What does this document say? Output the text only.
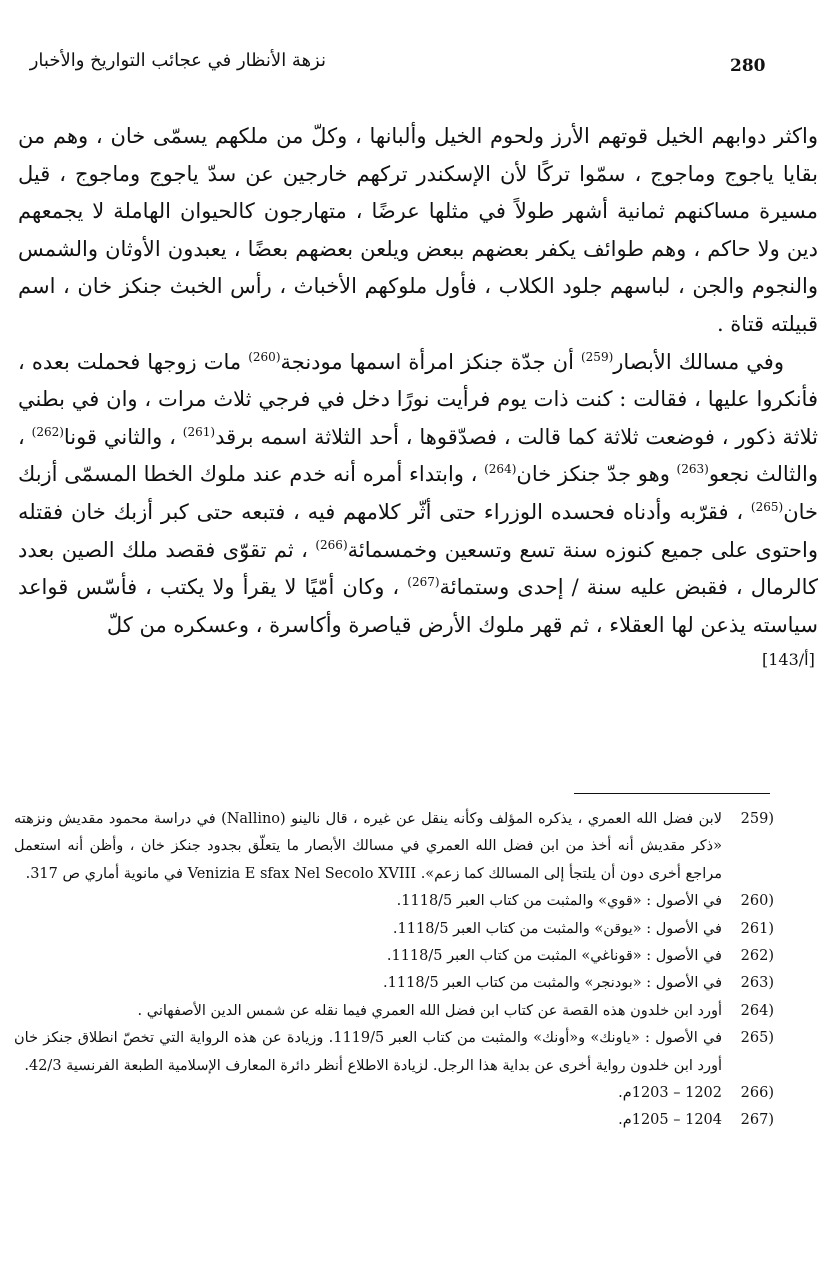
280
نزهة الأنظار في عجائب التواريخ والأخبار

واكثر دوابهم الخيل قوتهم الأرز ولحوم الخيل وألبانها ، وكلّ من ملكهم يسمّى خان ، وهم من بقايا ياجوج وماجوج ، سمّوا تركًا لأن الإسكندر تركهم خارجين عن سدّ ياجوج وماجوج ، قيل مسيرة مساكنهم ثمانية أشهر طولاً في مثلها عرضًا ، متهارجون كالحيوان الهاملة لا يجمعهم دين ولا حاكم ، وهم طوائف يكفر بعضهم ببعض ويلعن بعضهم بعضًا ، يعبدون الأوثان والشمس والنجوم والجن ، لباسهم جلود الكلاب ، فأول ملوكهم الأخباث ، رأس الخبث جنكز خان ، اسم قبيلته قتاة .

وفي مسالك الأبصار$^{(259)}$ أن جدّة جنكز امرأة اسمها مودنجة$^{(260)}$ مات زوجها فحملت بعده ، فأنكروا عليها ، فقالت : كنت ذات يوم فرأيت نورًا دخل في فرجي ثلاث مرات ، وان في بطني ثلاثة ذكور ، فوضعت ثلاثة كما قالت ، فصدّقوها ، أحد الثلاثة اسمه برقد$^{(261)}$ ، والثاني قونا$^{(262)}$ ، والثالث نجعو$^{(263)}$ وهو جدّ جنكز خان$^{(264)}$ ، وابتداء أمره أنه خدم عند ملوك الخطا المسمّى أزبك خان$^{(265)}$ ، فقرّبه وأدناه فحسده الوزراء حتى أثّر كلامهم فيه ، فتبعه حتى كبر أزبك خان فقتله واحتوى على جميع كنوزه سنة تسع وتسعين وخمسمائة$^{(266)}$ ، ثم تقوّى فقصد ملك الصين بعدد كالرمال ، فقبض عليه سنة / إحدى وستمائة$^{(267)}$ ، وكان أمّيًا لا يقرأ ولا يكتب ، فأسّس قواعد سياسته يذعن لها العقلاء ، ثم قهر ملوك الأرض قياصرة وأكاسرة ، وعسكره من كلّ

[143/أ]
(259
لابن فضل الله العمري ، يذكره المؤلف وكأنه ينقل عن غيره ، قال نالينو (Nallino) في دراسة محمود مقديش ونزهته «ذكر مقديش أنه أخذ من ابن فضل الله العمري في مسالك الأبصار ما يتعلّق بجدود جنكز خان ، وأظن أنه استعمل مراجع أخرى دون أن يلتجأ إلى المسالك كما زعم». Venizia E sfax Nel Secolo XVIII في مانوية أماري ص 317.
(260
في الأصول : «قوي» والمثبت من كتاب العبر 1118/5.
(261
في الأصول : «يوقن» والمثبت من كتاب العبر 1118/5.
(262
في الأصول : «قوناغي» المثبت من كتاب العبر 1118/5.
(263
في الأصول : «بودنجر» والمثبت من كتاب العبر 1118/5.
(264
أورد ابن خلدون هذه القصة عن كتاب ابن فضل الله العمري فيما نقله عن شمس الدين الأصفهاني .
(265
في الأصول : «ياونك» و«أونك» والمثبت من كتاب العبر 1119/5. وزيادة عن هذه الرواية التي تخصّ انطلاق جنكز خان أورد ابن خلدون رواية أخرى عن بداية هذا الرجل. لزيادة الاطلاع أنظر دائرة المعارف الإسلامية الطبعة الفرنسية 42/3.
(266
1202 – 1203م.
(267
1204 – 1205م.
